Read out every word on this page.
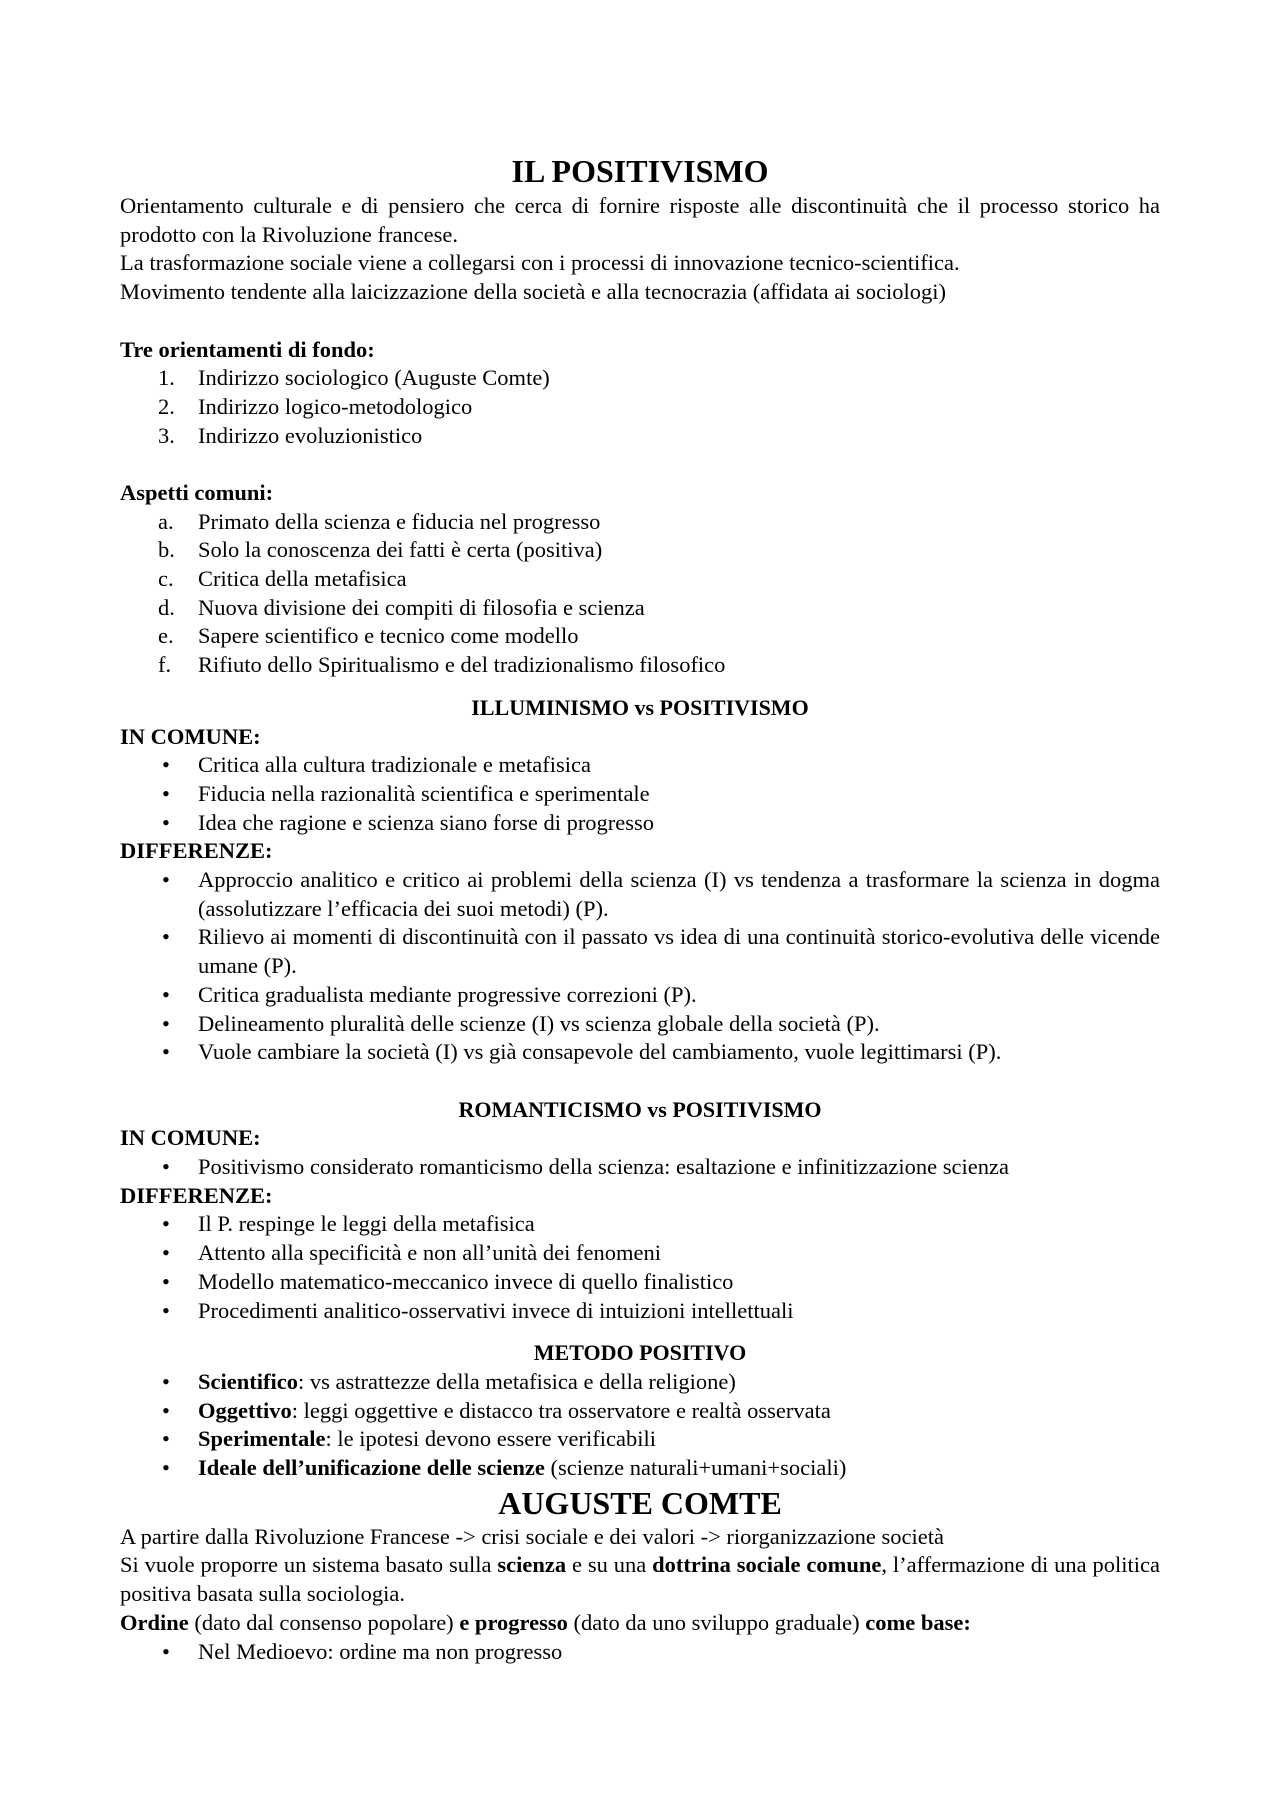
IL POSITIVISMO

Orientamento culturale e di pensiero che cerca di fornire risposte alle discontinuità che il processo storico ha prodotto con la Rivoluzione francese.

La trasformazione sociale viene a collegarsi con i processi di innovazione tecnico-scientifica.

Movimento tendente alla laicizzazione della società e alla tecnocrazia (affidata ai sociologi)

Tre orientamenti di fondo:

1.	Indirizzo sociologico (Auguste Comte)
2.	Indirizzo logico-metodologico
3.	Indirizzo evoluzionistico

Aspetti comuni:

a.	Primato della scienza e fiducia nel progresso
b.	Solo la conoscenza dei fatti è certa (positiva)
c.	Critica della metafisica
d.	Nuova divisione dei compiti di filosofia e scienza
e.	Sapere scientifico e tecnico come modello
f.	Rifiuto dello Spiritualismo e del tradizionalismo filosofico

ILLUMINISMO vs POSITIVISMO

IN COMUNE:

• Critica alla cultura tradizionale e metafisica
• Fiducia nella razionalità scientifica e sperimentale
• Idea che ragione e scienza siano forse di progresso

DIFFERENZE:

• Approccio analitico e critico ai problemi della scienza (I) vs tendenza a trasformare la scienza in dogma (assolutizzare l’efficacia dei suoi metodi) (P).
• Rilievo ai momenti di discontinuità con il passato vs idea di una continuità storico-evolutiva delle vicende umane (P).
• Critica gradualista mediante progressive correzioni (P).
• Delineamento pluralità delle scienze (I) vs scienza globale della società (P).
• Vuole cambiare la società (I) vs già consapevole del cambiamento, vuole legittimarsi (P).

ROMANTICISMO vs POSITIVISMO

IN COMUNE:

• Positivismo considerato romanticismo della scienza: esaltazione e infinitizzazione scienza

DIFFERENZE:

• Il P. respinge le leggi della metafisica
• Attento alla specificità e non all’unità dei fenomeni
• Modello matematico-meccanico invece di quello finalistico
• Procedimenti analitico-osservativi invece di intuizioni intellettuali

METODO POSITIVO

• Scientifico: vs astrattezze della metafisica e della religione)
• Oggettivo: leggi oggettive e distacco tra osservatore e realtà osservata
• Sperimentale: le ipotesi devono essere verificabili
• Ideale dell’unificazione delle scienze (scienze naturali+umani+sociali)
AUGUSTE COMTE

A partire dalla Rivoluzione Francese -> crisi sociale e dei valori -> riorganizzazione società

Si vuole proporre un sistema basato sulla scienza e su una dottrina sociale comune, l’affermazione di una politica positiva basata sulla sociologia.

Ordine (dato dal consenso popolare) e progresso (dato da uno sviluppo graduale) come base:

• Nel Medioevo: ordine ma non progresso
